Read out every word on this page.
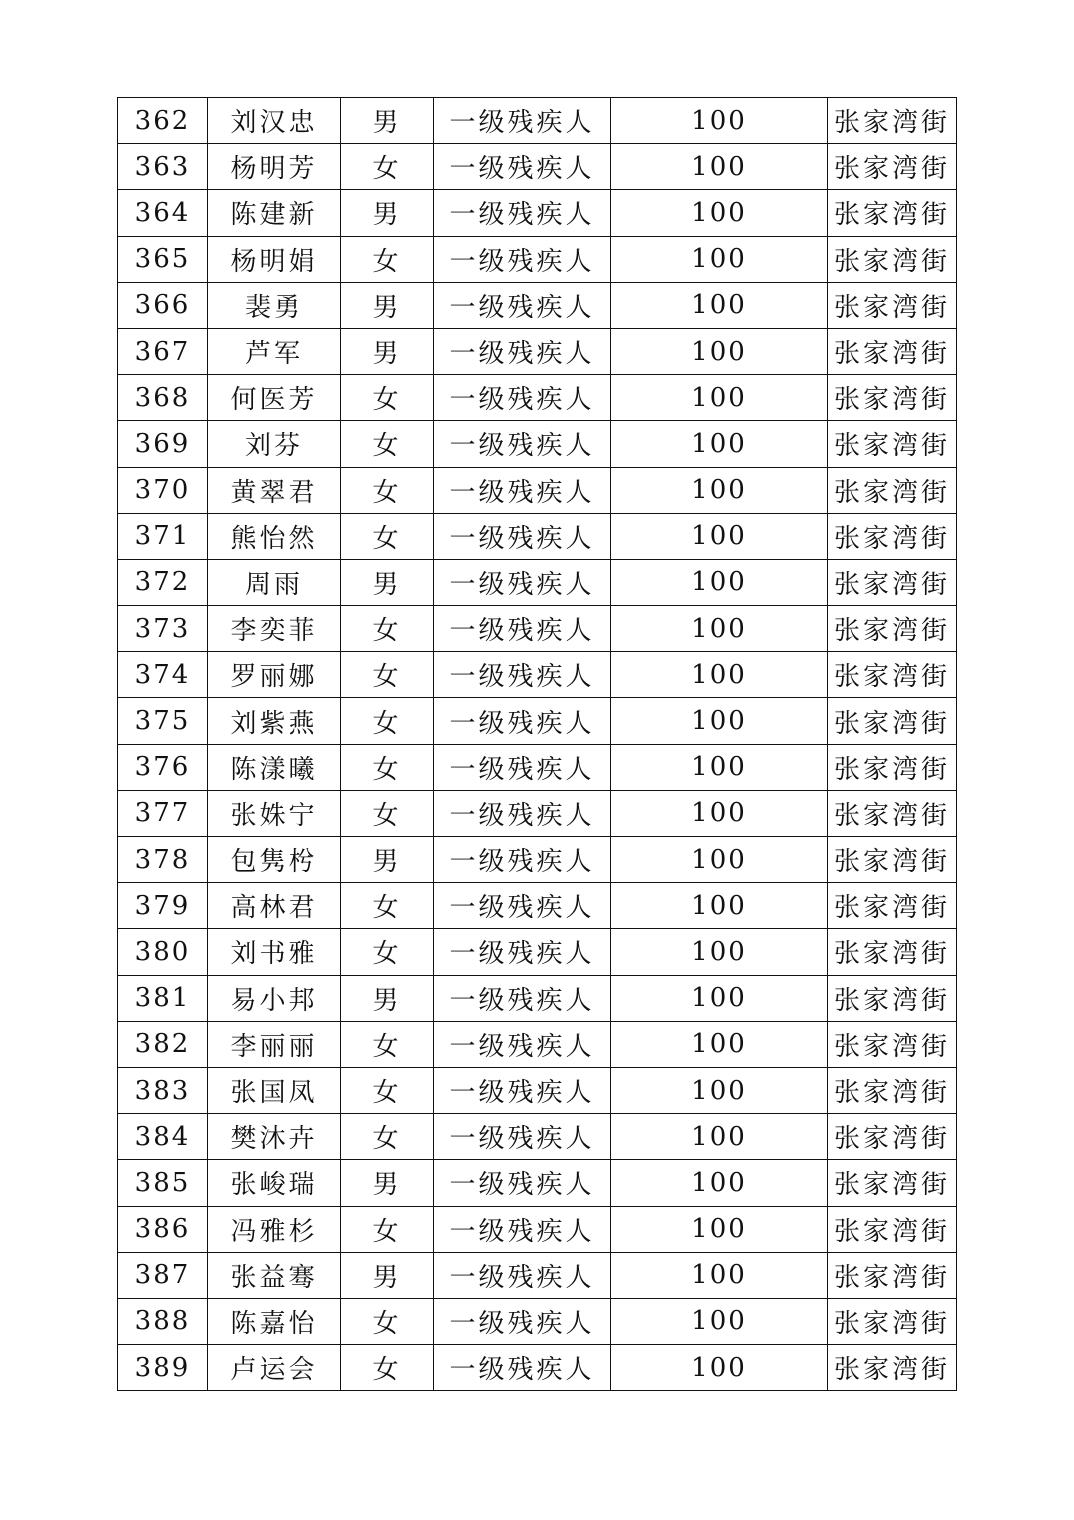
362	刘汉忠	男	一级残疾人	100	张家湾街
363	杨明芳	女	一级残疾人	100	张家湾街
364	陈建新	男	一级残疾人	100	张家湾街
365	杨明娟	女	一级残疾人	100	张家湾街
366	裴勇	男	一级残疾人	100	张家湾街
367	芦军	男	一级残疾人	100	张家湾街
368	何医芳	女	一级残疾人	100	张家湾街
369	刘芬	女	一级残疾人	100	张家湾街
370	黄翠君	女	一级残疾人	100	张家湾街
371	熊怡然	女	一级残疾人	100	张家湾街
372	周雨	男	一级残疾人	100	张家湾街
373	李奕菲	女	一级残疾人	100	张家湾街
374	罗丽娜	女	一级残疾人	100	张家湾街
375	刘紫燕	女	一级残疾人	100	张家湾街
376	陈漾曦	女	一级残疾人	100	张家湾街
377	张姝宁	女	一级残疾人	100	张家湾街
378	包隽枍	男	一级残疾人	100	张家湾街
379	高林君	女	一级残疾人	100	张家湾街
380	刘书雅	女	一级残疾人	100	张家湾街
381	易小邦	男	一级残疾人	100	张家湾街
382	李丽丽	女	一级残疾人	100	张家湾街
383	张国凤	女	一级残疾人	100	张家湾街
384	樊沐卉	女	一级残疾人	100	张家湾街
385	张峻瑞	男	一级残疾人	100	张家湾街
386	冯雅杉	女	一级残疾人	100	张家湾街
387	张益骞	男	一级残疾人	100	张家湾街
388	陈嘉怡	女	一级残疾人	100	张家湾街
389	卢运会	女	一级残疾人	100	张家湾街
